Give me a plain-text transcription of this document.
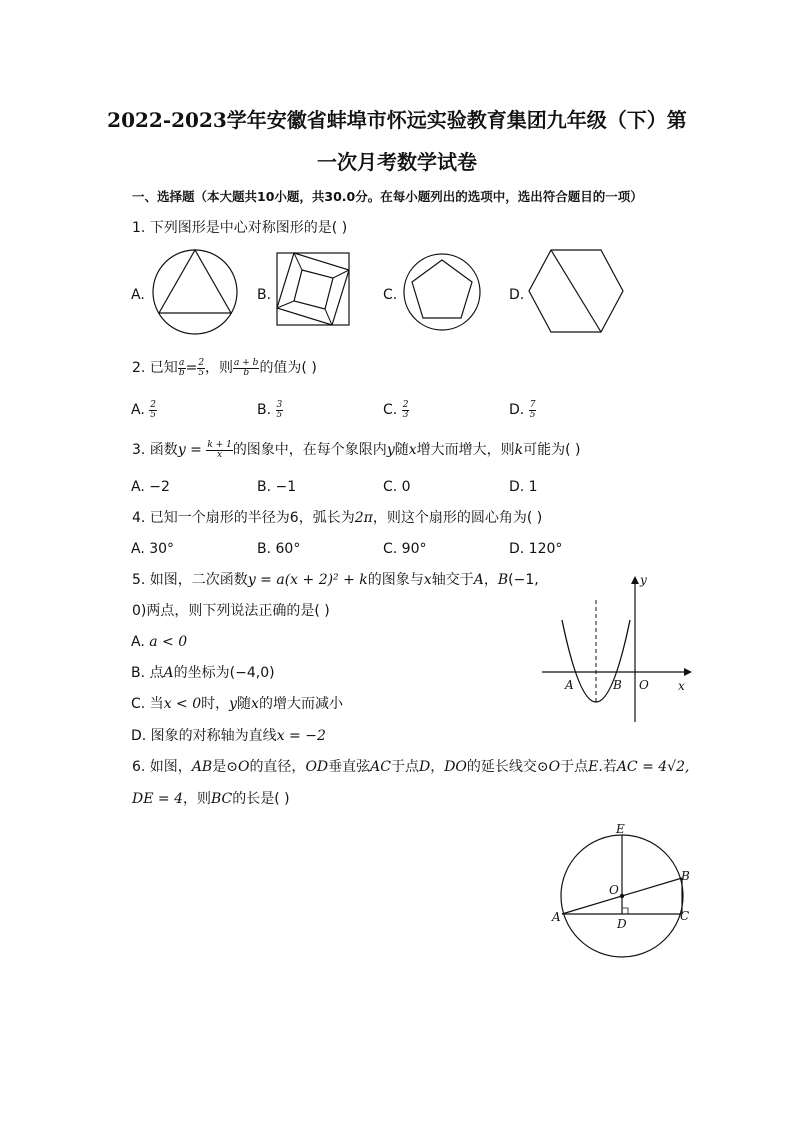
2022-2023学年安徽省蚌埠市怀远实验教育集团九年级（下）第
一次月考数学试卷
一、选择题（本大题共10小题，共30.0分。在每小题列出的选项中，选出符合题目的一项）
1. 下列图形是中心对称图形的是( )
A.	B.	C.	D.
2. 已知 $\frac{a}{b} = \frac{2}{5}$ ，则 $\frac{a + b}{b}$ 的值为( )
A. $\frac{2}{5}$	B. $\frac{3}{5}$	C. $\frac{2}{3}$	D. $\frac{7}{5}$
3. 函数$y = \frac{k + 1}{x}$ 的图象中，在每个象限内y随x增大而增大，则k可能为( )
A. −2	B. −1	C. 0	D. 1
4. 已知一个扇形的半径为6，弧长为2π，则这个扇形的圆心角为( )
A. 30°	B. 60°	C. 90°	D. 120°
5. 如图，二次函数y = a(x + 2)² + k的图象与x轴交于A，B(−1,
0)两点，则下列说法正确的是( )
A. a < 0
B. 点A的坐标为(−4,0)
C. 当x < 0时，y随x的增大而减小
D. 图象的对称轴为直线x = −2
y
x
A	B O
6. 如图，AB是⊙O的直径，OD垂直弦AC于点D，DO的延长线交⊙O于点E.若AC = 4√2,
DE = 4，则BC的长是( )
E
O
B
A	D
C
